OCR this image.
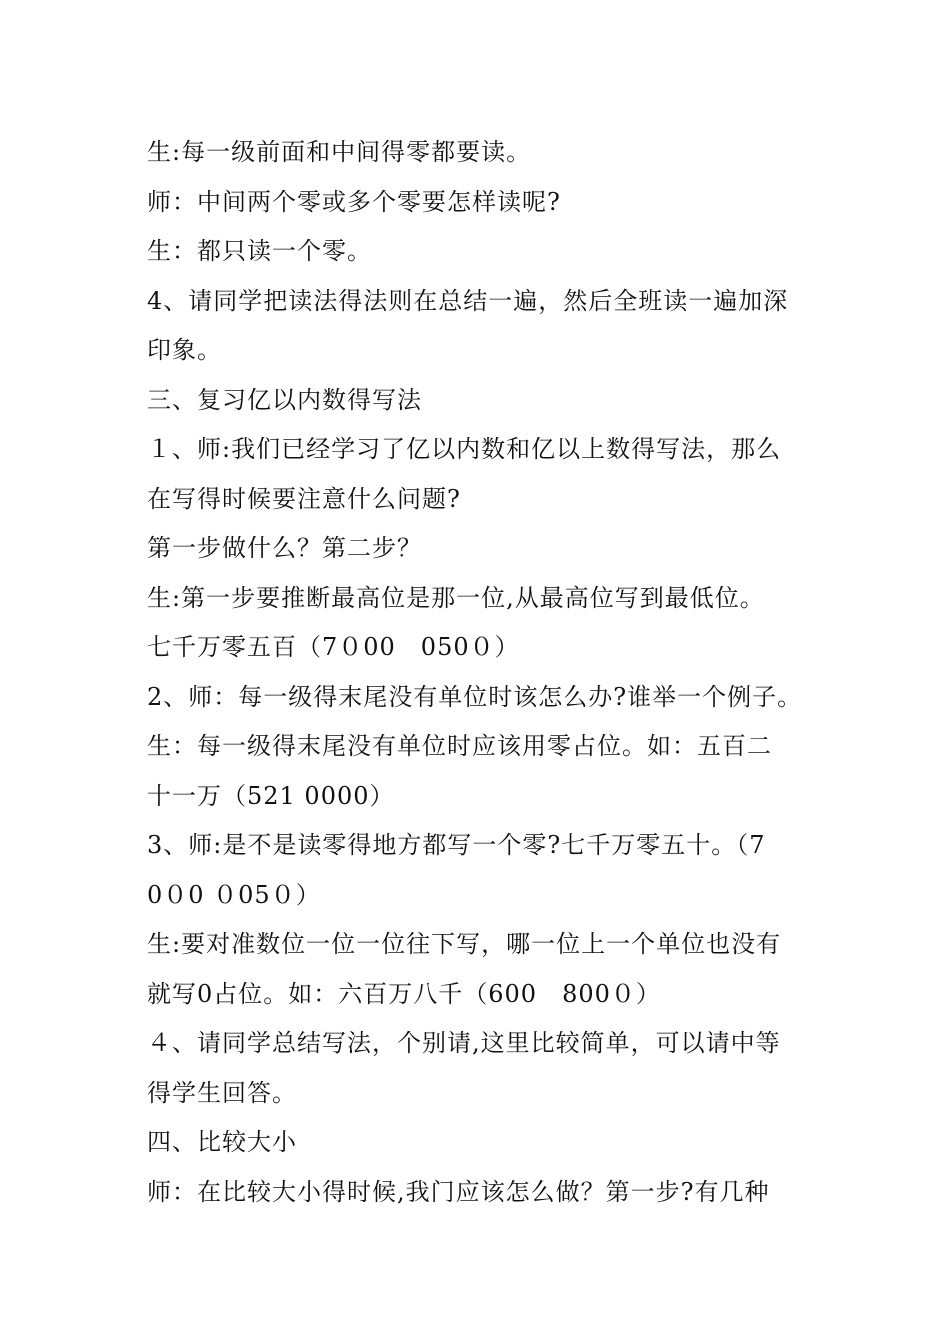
生:每一级前面和中间得零都要读。
师：中间两个零或多个零要怎样读呢?
生：都只读一个零。
4、请同学把读法得法则在总结一遍，然后全班读一遍加深
印象。
三、复习亿以内数得写法
１、师:我们已经学习了亿以内数和亿以上数得写法，那么
在写得时候要注意什么问题?
第一步做什么？第二步？
生:第一步要推断最高位是那一位,从最高位写到最低位。
七千万零五百（7０00　050０）
2、师：每一级得末尾没有单位时该怎么办?谁举一个例子。
生：每一级得末尾没有单位时应该用零占位。如：五百二
十一万（521 0000）
3、师:是不是读零得地方都写一个零?七千万零五十。（7
0０0 ０05０）
生:要对准数位一位一位往下写，哪一位上一个单位也没有
就写0占位。如：六百万八千（600　800０）
４、请同学总结写法，个别请,这里比较简单，可以请中等
得学生回答。
四、比较大小
师：在比较大小得时候,我门应该怎么做？第一步?有几种
